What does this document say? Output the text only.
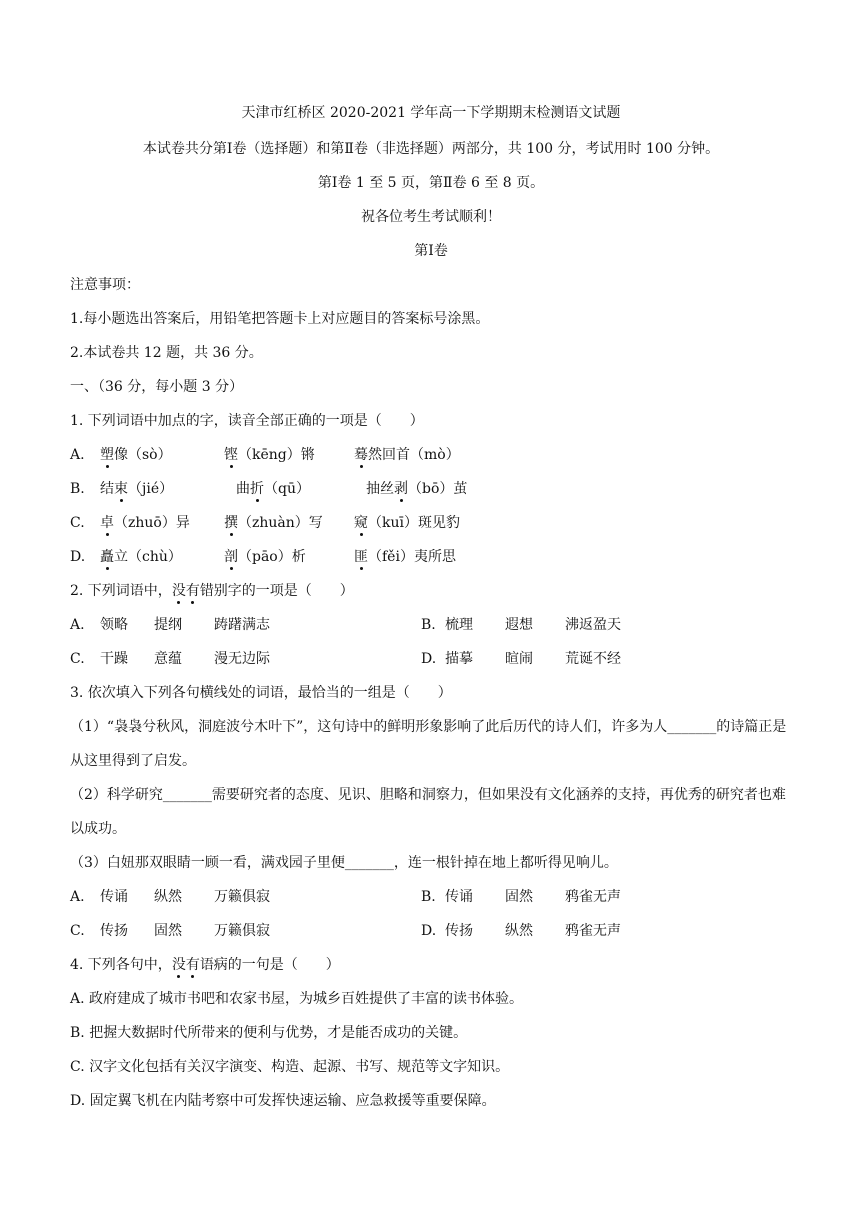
天津市红桥区 2020-2021 学年高一下学期期末检测语文试题
本试卷共分第Ⅰ卷（选择题）和第Ⅱ卷（非选择题）两部分，共 100 分，考试用时 100 分钟。
第Ⅰ卷 1 至 5 页，第Ⅱ卷 6 至 8 页。
祝各位考生考试顺利！
第Ⅰ卷
注意事项：
1.每小题选出答案后，用铅笔把答题卡上对应题目的答案标号涂黑。
2.本试卷共 12 题，共 36 分。
一、（36 分，每小题 3 分）
1. 下列词语中加点的字，读音全部正确的一项是（　　）
A.	塑像（sò）	铿（kēng）锵	蓦然回首（mò）
B.	结束（jié）	曲折（qū）	抽丝剥（bō）茧
C.	卓（zhuō）异	撰（zhuàn）写	窥（kuī）斑见豹
D.	矗立（chù）	剖（pāo）析	匪（fěi）夷所思
2. 下列词语中，没有错别字的一项是（　　）
A.	领略	提纲	踌躇满志	B. 梳理	遐想	沸返盈天
C.	干躁	意蕴	漫无边际	D. 描摹	暄闹	荒诞不经
3. 依次填入下列各句横线处的词语，最恰当的一组是（　　）
（1）“袅袅兮秋风，洞庭波兮木叶下”，这句诗中的鲜明形象影响了此后历代的诗人们，许多为人_______的诗篇正是从这里得到了启发。
（2）科学研究_______需要研究者的态度、见识、胆略和洞察力，但如果没有文化涵养的支持，再优秀的研究者也难以成功。
（3）白妞那双眼睛一顾一看，满戏园子里便_______，连一根针掉在地上都听得见响儿。
A.	传诵	纵然	万籁俱寂	B. 传诵	固然	鸦雀无声
C.	传扬	固然	万籁俱寂	D. 传扬	纵然	鸦雀无声
4. 下列各句中，没有语病的一句是（　　）
A. 政府建成了城市书吧和农家书屋，为城乡百姓提供了丰富的读书体验。
B. 把握大数据时代所带来的便利与优势，才是能否成功的关键。
C. 汉字文化包括有关汉字演变、构造、起源、书写、规范等文字知识。
D. 固定翼飞机在内陆考察中可发挥快速运输、应急救援等重要保障。
